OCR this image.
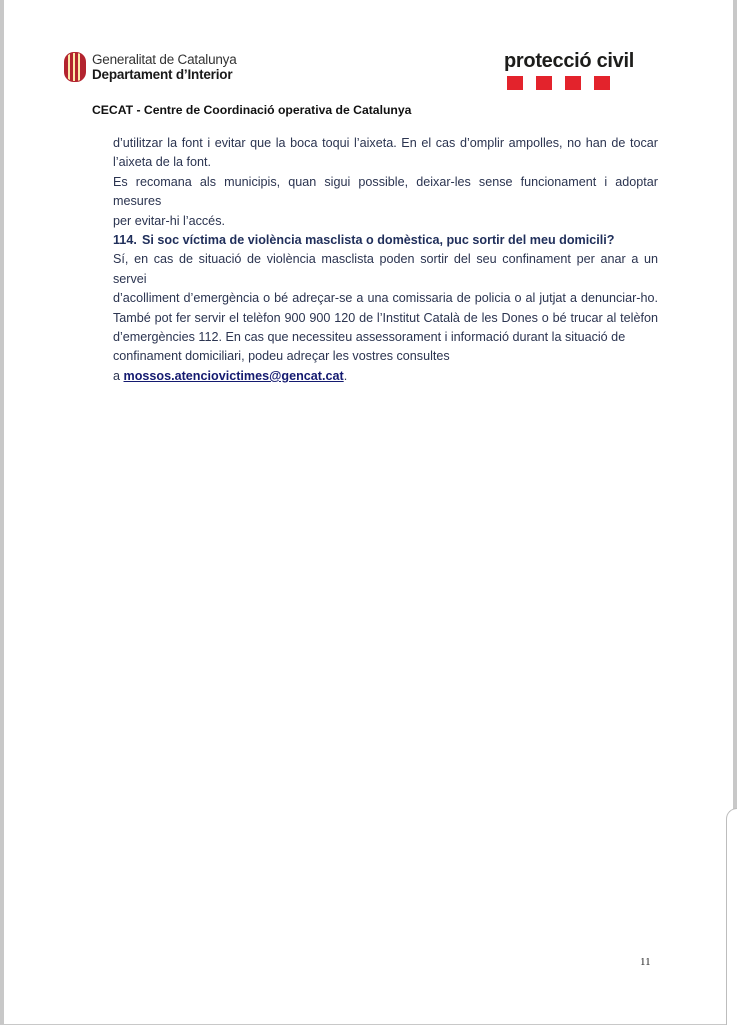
Generalitat de Catalunya
Departament d’Interior
protecció civil
CECAT - Centre de Coordinació operativa de Catalunya

d’utilitzar la font i evitar que la boca toqui l’aixeta. En el cas d’omplir ampolles, no han de tocar

l’aixeta de la font.

Es recomana als municipis, quan sigui possible, deixar-les sense funcionament i adoptar mesures

per evitar-hi l’accés.

114. Si soc víctima de violència masclista o domèstica, puc sortir del meu domicili?

Sí, en cas de situació de violència masclista poden sortir del seu confinament per anar a un servei

d’acolliment d’emergència o bé adreçar-se a una comissaria de policia o al jutjat a denunciar-ho.

També pot fer servir el telèfon 900 900 120 de l’Institut Català de les Dones o bé trucar al telèfon

d’emergències 112. En cas que necessiteu assessorament i informació durant la situació de

confinament domiciliari, podeu adreçar les vostres consultes

a mossos.atenciovictimes@gencat.cat.

11
